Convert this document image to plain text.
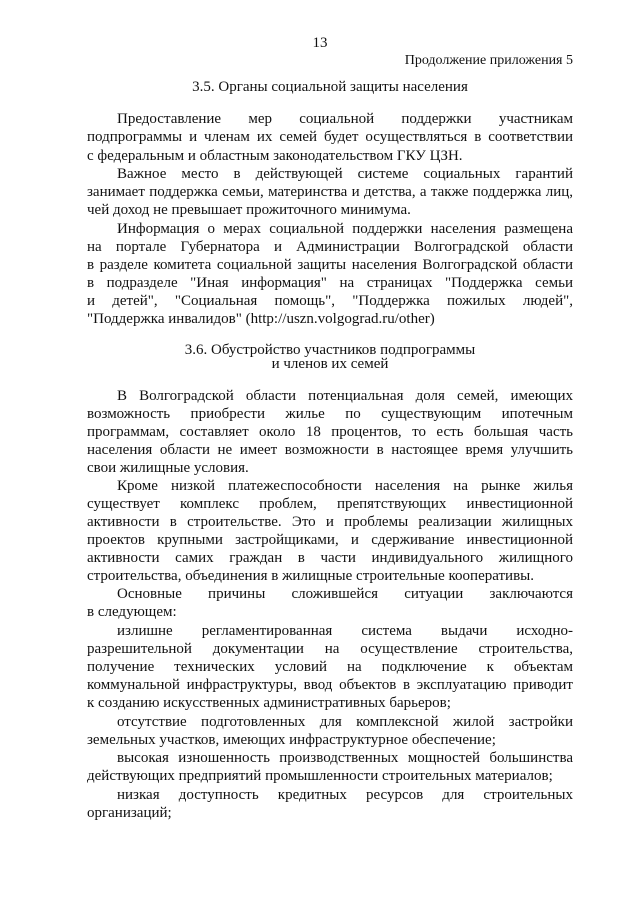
13
Продолжение приложения 5
3.5. Органы социальной защиты населения
Предоставление мер социальной поддержки участникам
подпрограммы и членам их семей будет осуществляться в соответствии
с федеральным и областным законодательством ГКУ ЦЗН.
Важное место в действующей системе социальных гарантий
занимает поддержка семьи, материнства и детства, а также поддержка лиц,
чей доход не превышает прожиточного минимума.
Информация о мерах социальной поддержки населения размещена
на портале Губернатора и Администрации Волгоградской области
в разделе комитета социальной защиты населения Волгоградской области
в подразделе "Иная информация" на страницах "Поддержка семьи
и детей", "Социальная помощь", "Поддержка пожилых людей",
"Поддержка инвалидов" (http://uszn.volgograd.ru/other)
3.6. Обустройство участников подпрограммы
и членов их семей
В Волгоградской области потенциальная доля семей, имеющих
возможность приобрести жилье по существующим ипотечным
программам, составляет около 18 процентов, то есть большая часть
населения области не имеет возможности в настоящее время улучшить
свои жилищные условия.
Кроме низкой платежеспособности населения на рынке жилья
существует комплекс проблем, препятствующих инвестиционной
активности в строительстве. Это и проблемы реализации жилищных
проектов крупными застройщиками, и сдерживание инвестиционной
активности самих граждан в части индивидуального жилищного
строительства, объединения в жилищные строительные кооперативы.
Основные причины сложившейся ситуации заключаются
в следующем:
излишне регламентированная система выдачи исходно-
разрешительной документации на осуществление строительства,
получение технических условий на подключение к объектам
коммунальной инфраструктуры, ввод объектов в эксплуатацию приводит
к созданию искусственных административных барьеров;
отсутствие подготовленных для комплексной жилой застройки
земельных участков, имеющих инфраструктурное обеспечение;
высокая изношенность производственных мощностей большинства
действующих предприятий промышленности строительных материалов;
низкая доступность кредитных ресурсов для строительных
организаций;
